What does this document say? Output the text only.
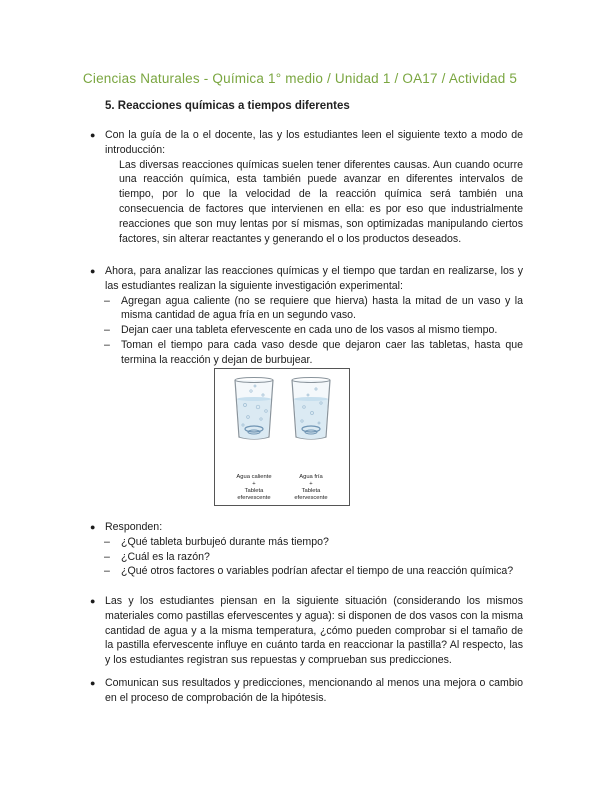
Ciencias Naturales - Química 1° medio / Unidad 1 / OA17 / Actividad 5
5. Reacciones químicas a tiempos diferentes
● Con la guía de la o el docente, las y los estudiantes leen el siguiente texto a modo de introducción:
Las diversas reacciones químicas suelen tener diferentes causas. Aun cuando ocurre una reacción química, esta también puede avanzar en diferentes intervalos de tiempo, por lo que la velocidad de la reacción química será también una consecuencia de factores que intervienen en ella: es por eso que industrialmente reacciones que son muy lentas por sí mismas, son optimizadas manipulando ciertos factores, sin alterar reactantes y generando el o los productos deseados.
● Ahora, para analizar las reacciones químicas y el tiempo que tardan en realizarse, los y las estudiantes realizan la siguiente investigación experimental:
–	Agregan agua caliente (no se requiere que hierva) hasta la mitad de un vaso y la misma cantidad de agua fría en un segundo vaso.
–	Dejan caer una tableta efervescente en cada uno de los vasos al mismo tiempo.
–	Toman el tiempo para cada vaso desde que dejaron caer las tabletas, hasta que termina la reacción y dejan de burbujear.
Agua caliente
+
Tableta
efervescente
Agua fría
+
Tableta
efervescente
● Responden:
–	¿Qué tableta burbujeó durante más tiempo?
–	¿Cuál es la razón?
–	¿Qué otros factores o variables podrían afectar el tiempo de una reacción química?
● Las y los estudiantes piensan en la siguiente situación (considerando los mismos materiales como pastillas efervescentes y agua): si disponen de dos vasos con la misma cantidad de agua y a la misma temperatura, ¿cómo pueden comprobar si el tamaño de la pastilla efervescente influye en cuánto tarda en reaccionar la pastilla? Al respecto, las y los estudiantes registran sus repuestas y comprueban sus predicciones.
● Comunican sus resultados y predicciones, mencionando al menos una mejora o cambio en el proceso de comprobación de la hipótesis.
